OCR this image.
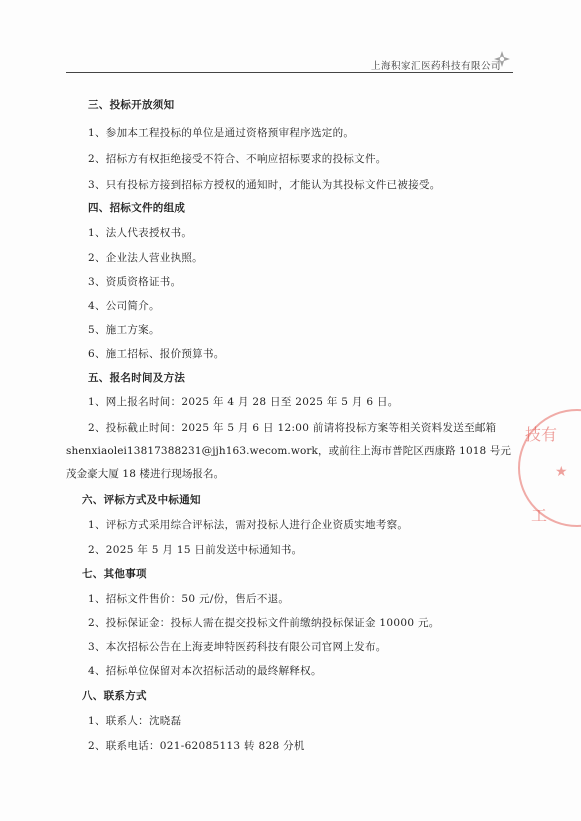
上海积家汇医药科技有限公司
三、投标开放须知
1、参加本工程投标的单位是通过资格预审程序选定的。
2、招标方有权拒绝接受不符合、不响应招标要求的投标文件。
3、只有投标方接到招标方授权的通知时，才能认为其投标文件已被接受。
四、招标文件的组成
1、法人代表授权书。
2、企业法人营业执照。
3、资质资格证书。
4、公司简介。
5、施工方案。
6、施工招标、报价预算书。
五、报名时间及方法
1、网上报名时间：2025 年 4 月 28 日至 2025 年 5 月 6 日。
2、投标截止时间：2025 年 5 月 6 日 12:00 前请将投标方案等相关资料发送至邮箱
shenxiaolei13817388231@jjh163.wecom.work，或前往上海市普陀区西康路 1018 号元
茂金豪大厦 18 楼进行现场报名。
六、评标方式及中标通知
1、评标方式采用综合评标法，需对投标人进行企业资质实地考察。
2、2025 年 5 月 15 日前发送中标通知书。
七、其他事项
1、招标文件售价：50 元/份，售后不退。
2、投标保证金：投标人需在提交投标文件前缴纳投标保证金 10000 元。
3、本次招标公告在上海麦坤特医药科技有限公司官网上发布。
4、招标单位保留对本次招标活动的最终解释权。
八、联系方式
1、联系人：沈晓磊
2、联系电话：021-62085113 转 828 分机
技有
工
★
